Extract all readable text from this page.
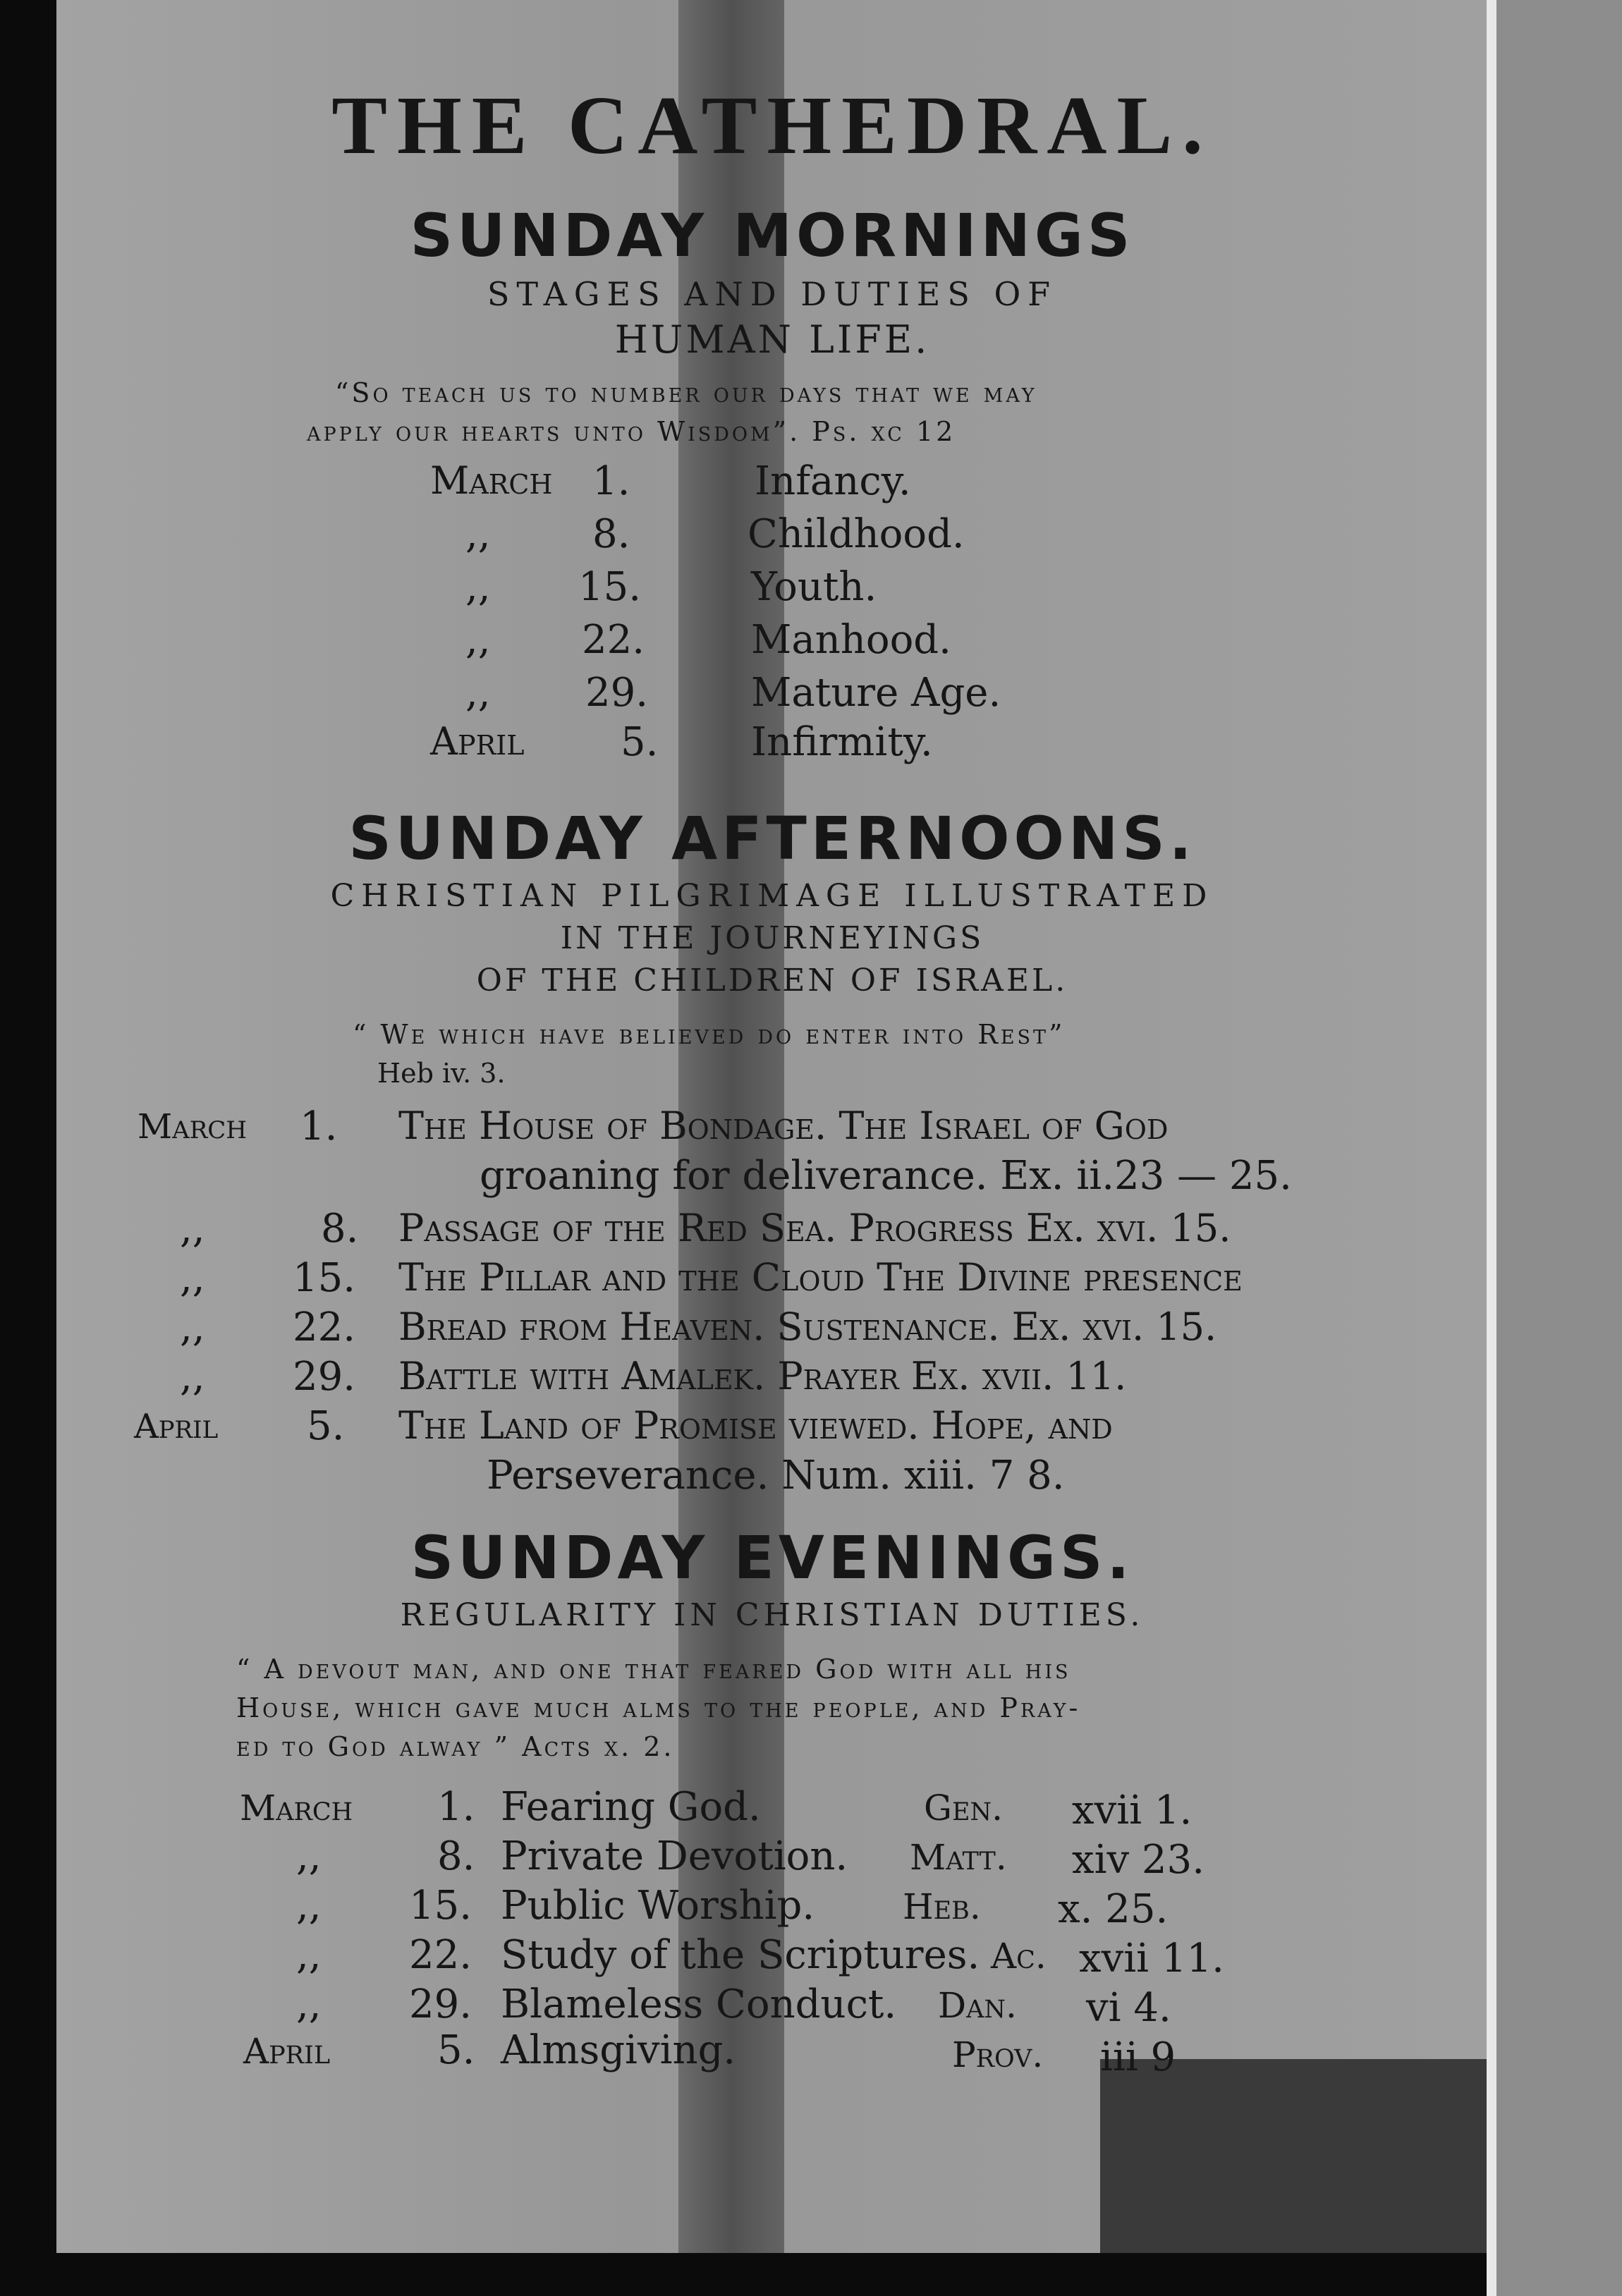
THE CATHEDRAL.
SUNDAY MORNINGS
STAGES AND DUTIES OF
HUMAN LIFE.
“So teach us to number our days that we may
apply our hearts unto Wisdom”. Ps. xc 12
March 1.	Infancy.
,,	8.	Childhood.
,, 15.	Youth.
,, 22.	Manhood.
,, 29.	Mature Age.
April 5. Infirmity.
SUNDAY AFTERNOONS.
CHRISTIAN PILGRIMAGE ILLUSTRATED
IN THE JOURNEYINGS
OF THE CHILDREN OF ISRAEL.
“ We which have believed do enter into Rest”
Heb iv. 3.
March 1. The House of Bondage. The Israel of God
groaning for deliverance. Ex. ii.23 — 25.
,,	8. Passage of the Red Sea. Progress Ex. xvi. 15.
,, 15. The Pillar and the Cloud The Divine presence
,, 22. Bread from Heaven. Sustenance. Ex. xvi. 15.
,, 29. Battle with Amalek. Prayer Ex. xvii. 11.
April 5. The Land of Promise viewed. Hope, and
Perseverance. Num. xiii. 7 8.
SUNDAY EVENINGS.
REGULARITY IN CHRISTIAN DUTIES.
“ A devout man, and one that feared God with all his
House, which gave much alms to the people, and Pray-
ed to God alway ” Acts x. 2.
March 1. Fearing God.	Gen. xvii 1.
,,	8. Private Devotion. Matt. xiv 23.
,, 15. Public Worship. Heb. x. 25.
,, 22. Study of the Scriptures. Ac. xvii 11.
,, 29. Blameless Conduct. Dan. vi 4.
April	5. Almsgiving.	Prov. iii 9
